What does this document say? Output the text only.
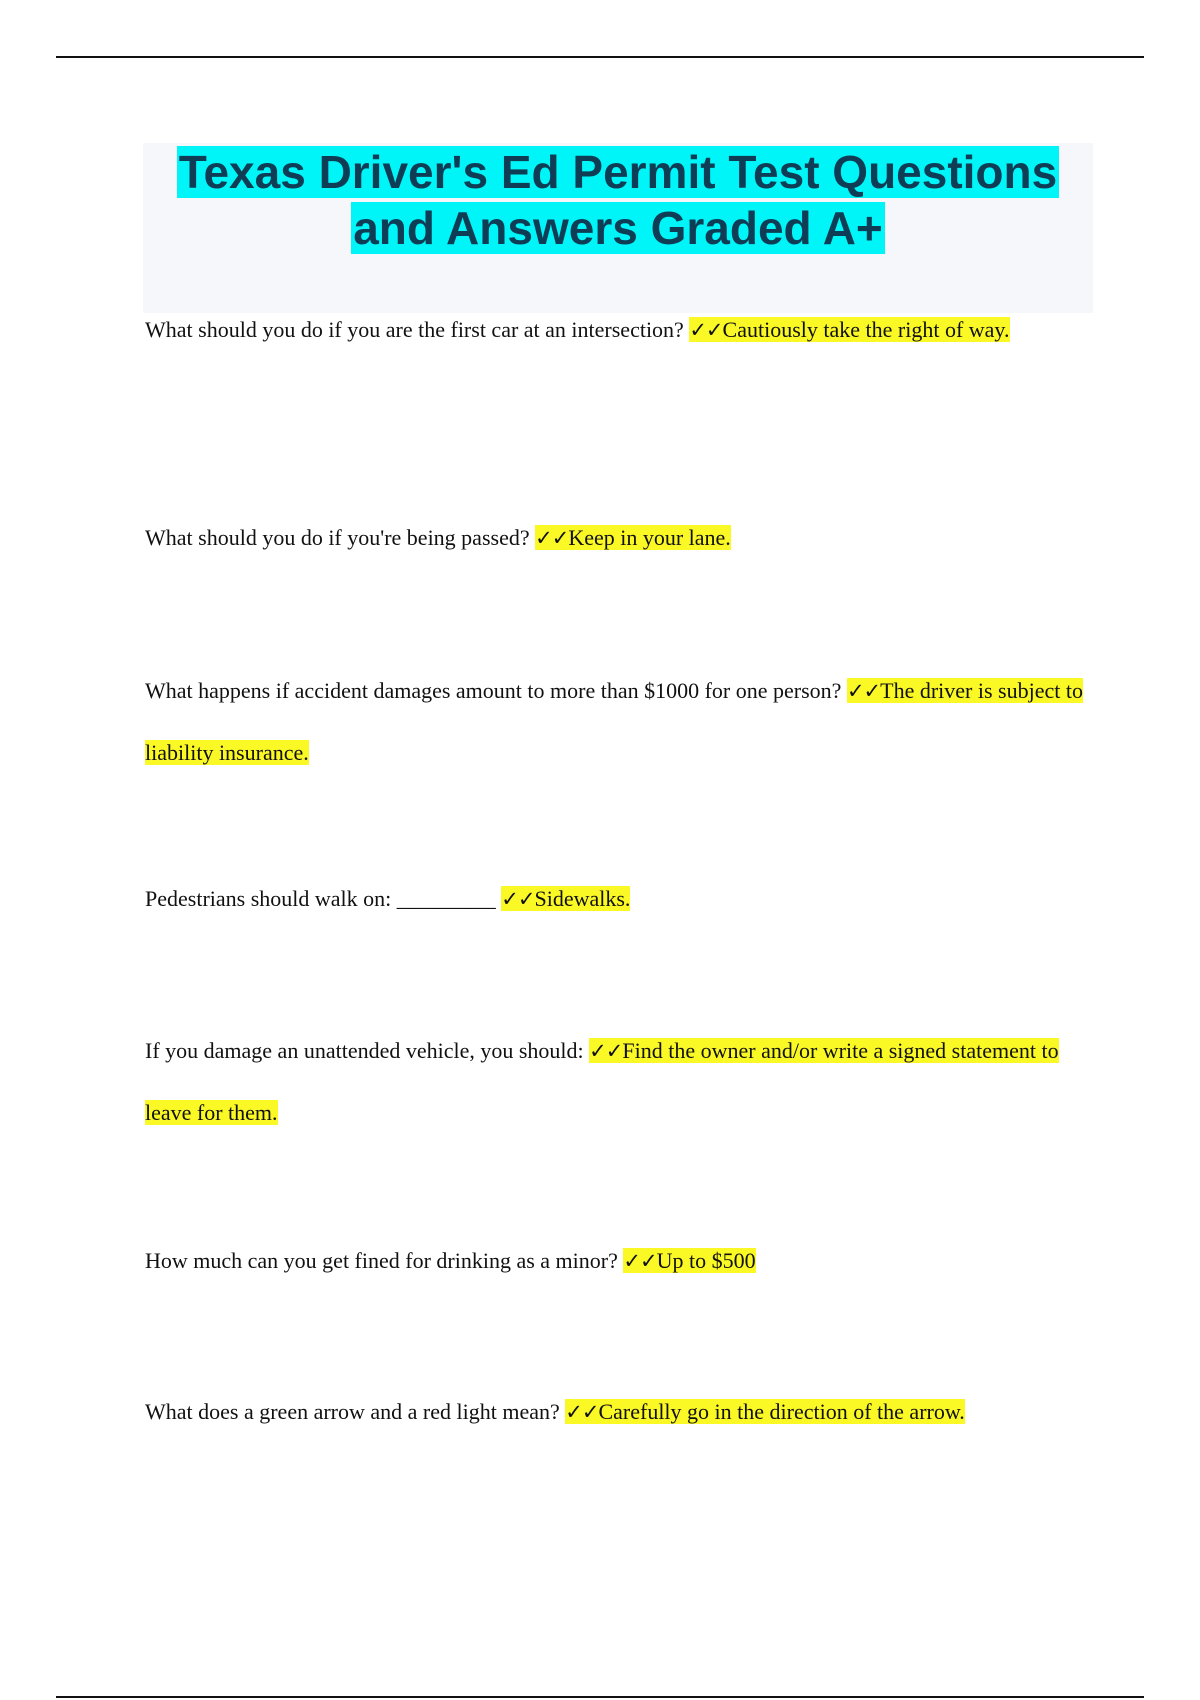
Texas Driver's Ed Permit Test Questions
and Answers Graded A+

What should you do if you are the first car at an intersection? ✓✓Cautiously take the right of way.

What should you do if you're being passed? ✓✓Keep in your lane.

What happens if accident damages amount to more than $1000 for one person? ✓✓The driver is subject to liability insurance.

Pedestrians should walk on: _________ ✓✓Sidewalks.

If you damage an unattended vehicle, you should: ✓✓Find the owner and/or write a signed statement to leave for them.

How much can you get fined for drinking as a minor? ✓✓Up to $500

What does a green arrow and a red light mean? ✓✓Carefully go in the direction of the arrow.
